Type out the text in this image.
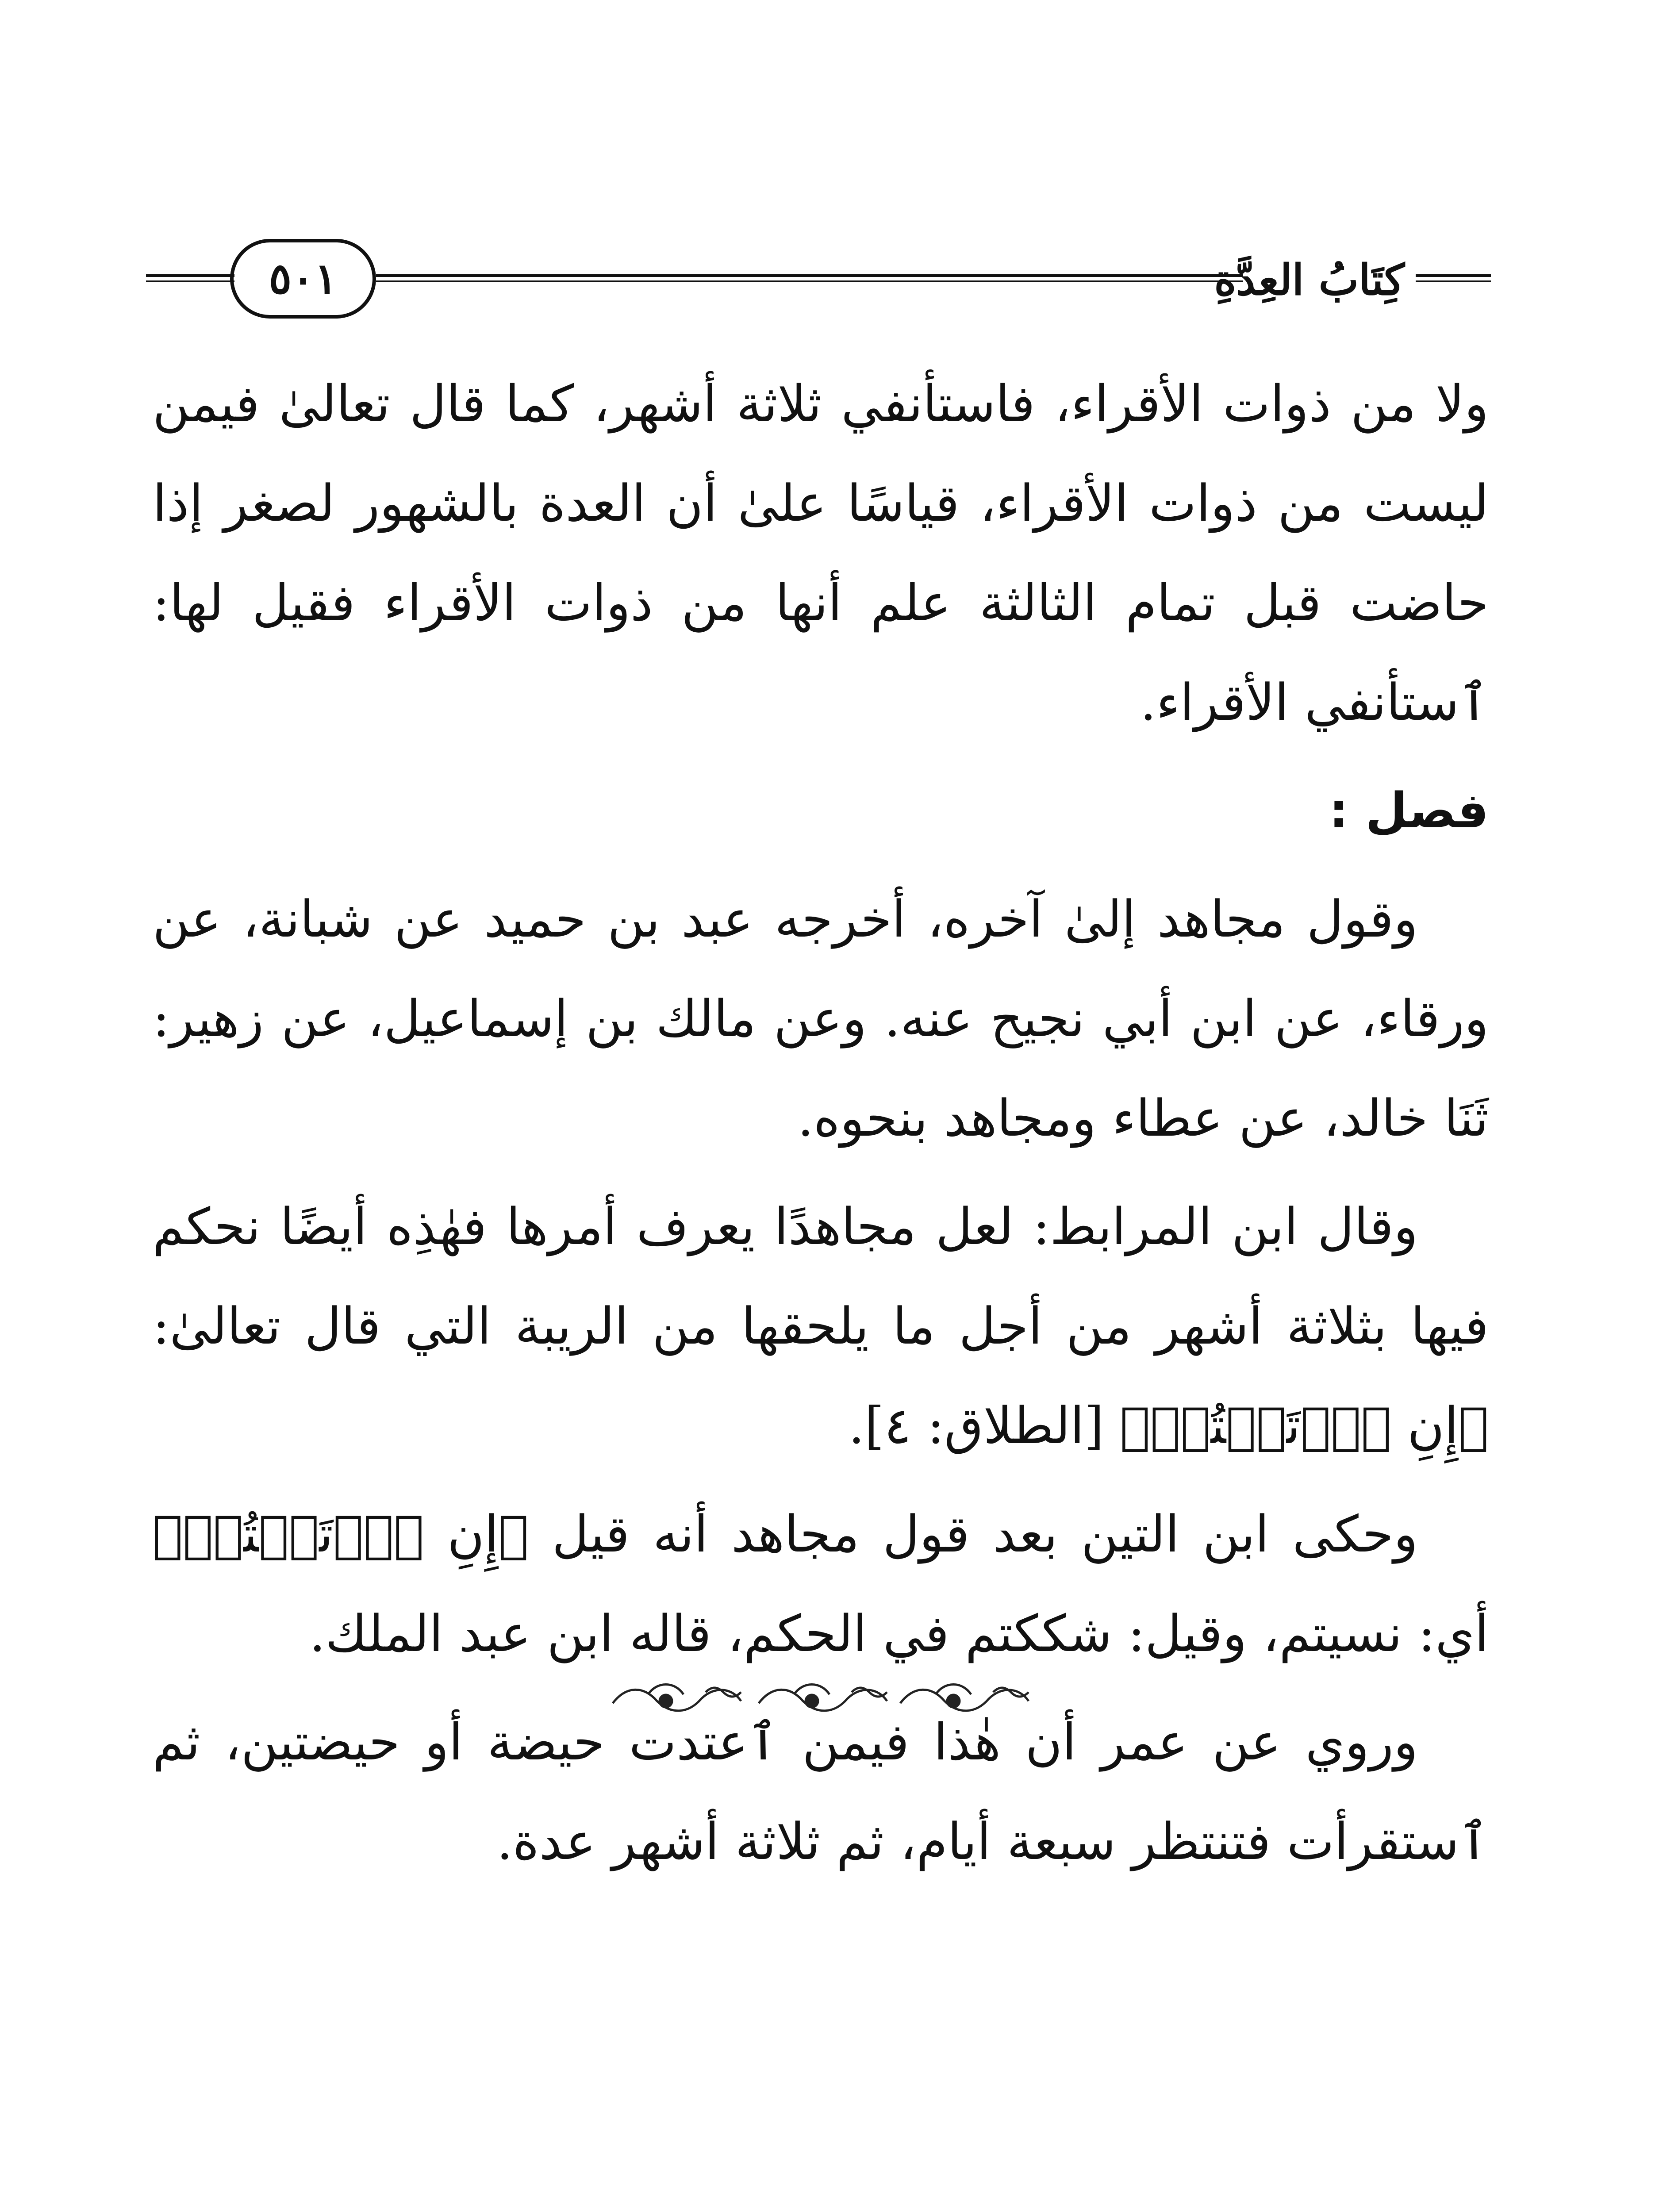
كِتَابُ العِدَّةِ
٥٠١

ولا من ذوات الأقراء، فاستأنفي ثلاثة أشهر، كما قال تعالىٰ فيمن ليست من ذوات الأقراء، قياسًا علىٰ أن العدة بالشهور لصغر إذا حاضت قبل تمام الثالثة علم أنها من ذوات الأقراء فقيل لها: ٱستأنفي الأقراء.

فصل :

وقول مجاهد إلىٰ آخره، أخرجه عبد بن حميد عن شبانة، عن ورقاء، عن ابن أبي نجيح عنه. وعن مالك بن إسماعيل، عن زهير: ثَنَا خالد، عن عطاء ومجاهد بنحوه.

وقال ابن المرابط: لعل مجاهدًا يعرف أمرها فهٰذِه أيضًا نحكم فيها بثلاثة أشهر من أجل ما يلحقها من الريبة التي قال تعالىٰ: ﴿إِنِ ٱرۡتَبۡتُمۡ﴾ [الطلاق: ٤].

وحكى ابن التين بعد قول مجاهد أنه قيل ﴿إِنِ ٱرۡتَبۡتُمۡ﴾ أي: نسيتم، وقيل: شككتم في الحكم، قاله ابن عبد الملك.

وروي عن عمر أن هٰذا فيمن ٱعتدت حيضة أو حيضتين، ثم ٱستقرأت فتنتظر سبعة أيام، ثم ثلاثة أشهر عدة.
